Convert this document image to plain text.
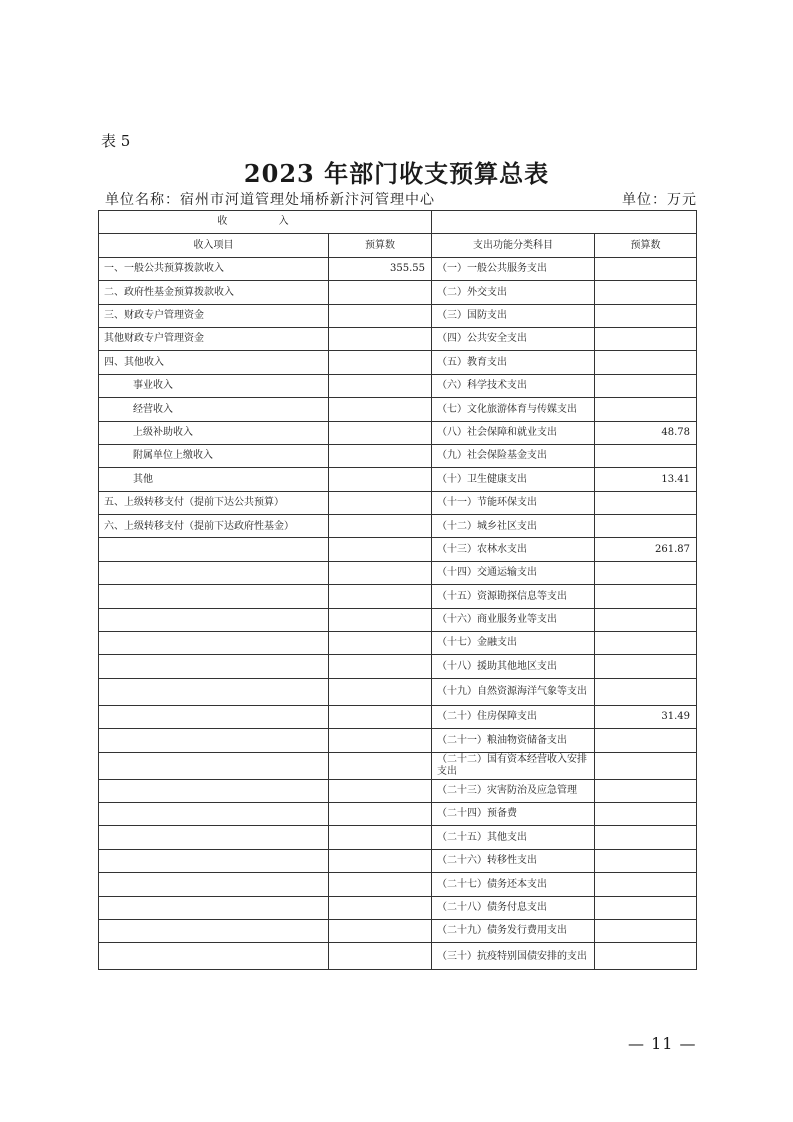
表 5
2023 年部门收支预算总表
单位名称：宿州市河道管理处埇桥新汴河管理中心	单位：万元
收 入			
收入项目	预算数	支出功能分类科目	预算数
一、一般公共预算拨款收入	355.55	（一）一般公共服务支出	
二、政府性基金预算拨款收入		（二）外交支出	
三、财政专户管理资金		（三）国防支出	
其他财政专户管理资金		（四）公共安全支出	
四、其他收入		（五）教育支出	
事业收入		（六）科学技术支出	
经营收入		（七）文化旅游体育与传媒支出	
上级补助收入		（八）社会保障和就业支出	48.78
附属单位上缴收入		（九）社会保险基金支出	
其他		（十）卫生健康支出	13.41
五、上级转移支付（提前下达公共预算）		（十一）节能环保支出	
六、上级转移支付（提前下达政府性基金）		（十二）城乡社区支出	
		（十三）农林水支出	261.87
		（十四）交通运输支出	
		（十五）资源勘探信息等支出	
		（十六）商业服务业等支出	
		（十七）金融支出	
		（十八）援助其他地区支出	
		（十九）自然资源海洋气象等支出	
		（二十）住房保障支出	31.49
		（二十一）粮油物资储备支出	
		（二十二）国有资本经营收入安排支出	
		（二十三）灾害防治及应急管理	
		（二十四）预备费	
		（二十五）其他支出	
		（二十六）转移性支出	
		（二十七）债务还本支出	
		（二十八）债务付息支出	
		（二十九）债务发行费用支出	
		（三十）抗疫特别国债安排的支出	
— 11 —
